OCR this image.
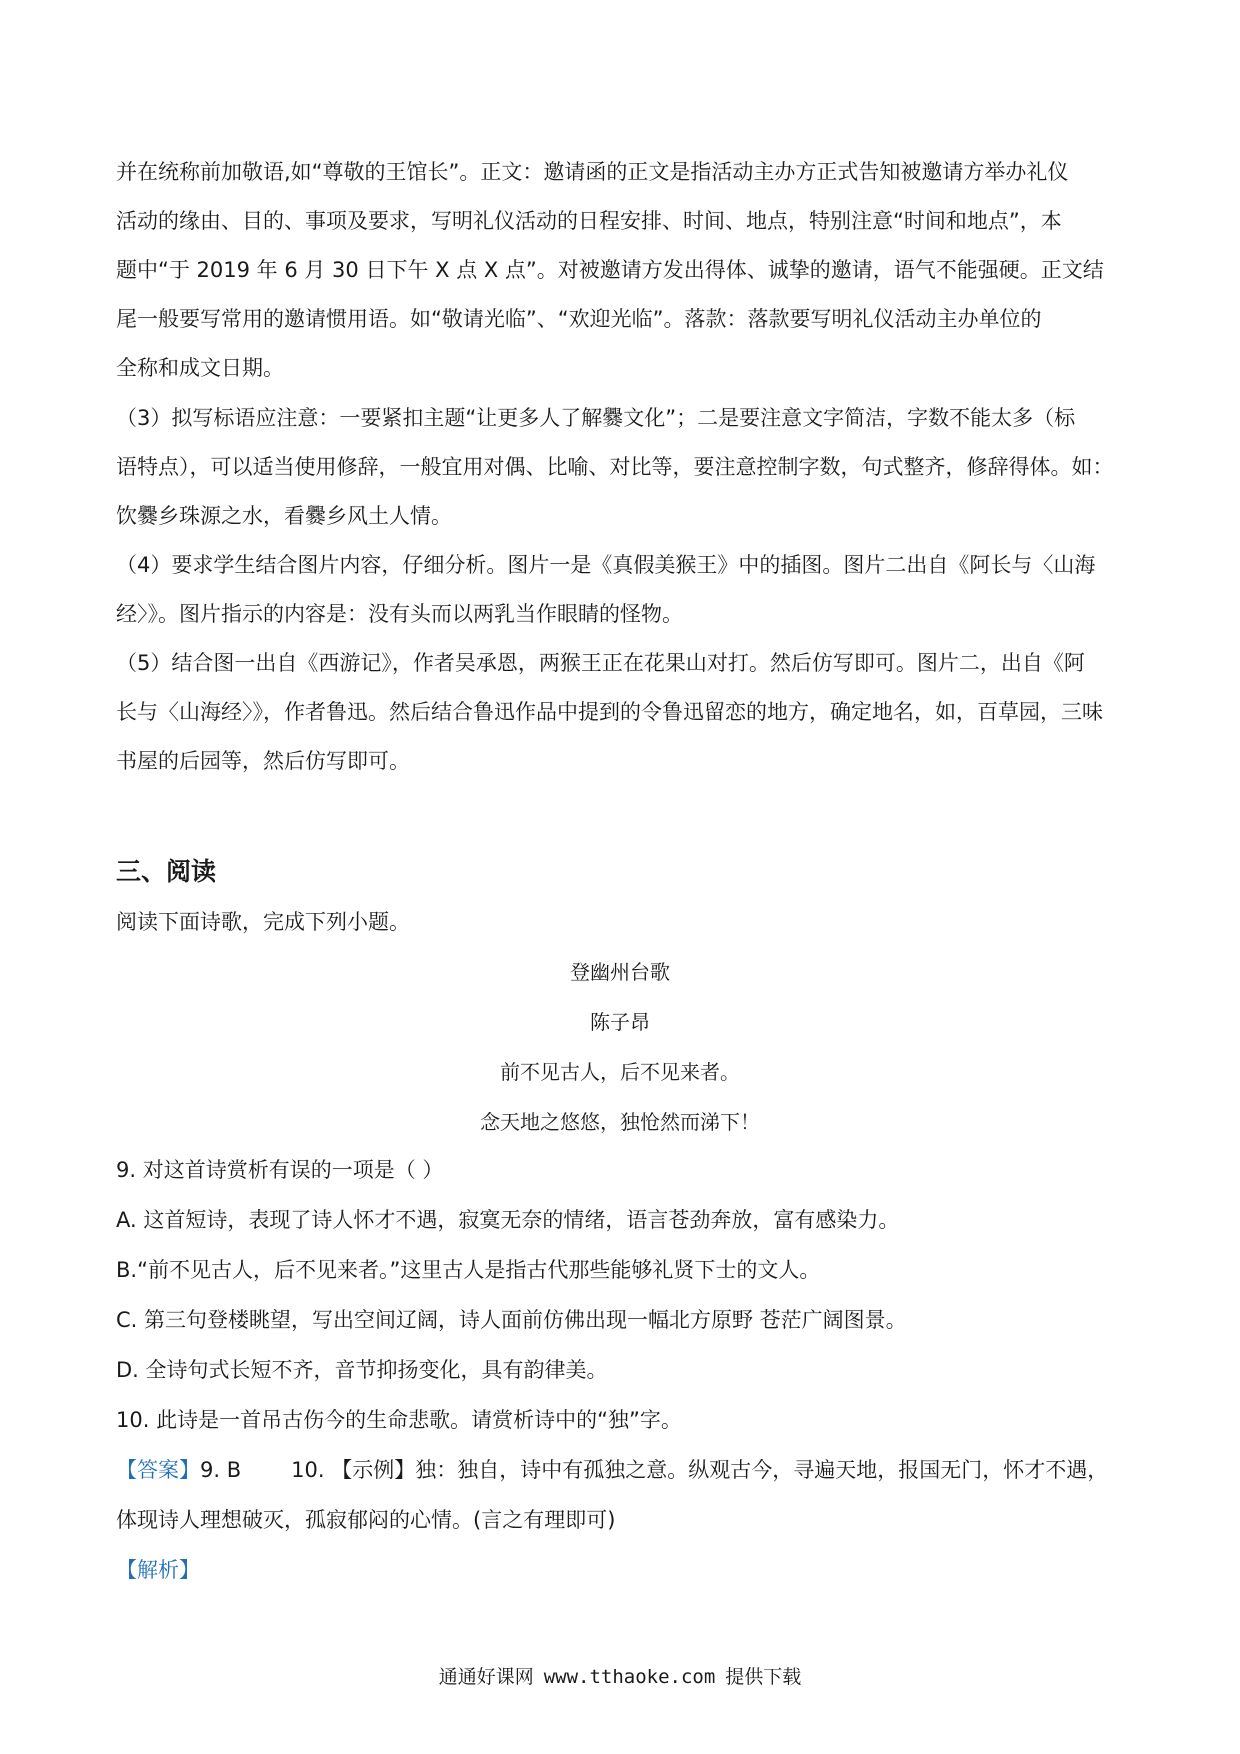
并在统称前加敬语,如“尊敬的王馆长”。正文：邀请函的正文是指活动主办方正式告知被邀请方举办礼仪
活动的缘由、目的、事项及要求，写明礼仪活动的日程安排、时间、地点，特别注意“时间和地点”，本
题中“于 2019 年 6 月 30 日下午 X 点 X 点”。对被邀请方发出得体、诚挚的邀请，语气不能强硬。正文结
尾一般要写常用的邀请惯用语。如“敬请光临”、“欢迎光临”。落款：落款要写明礼仪活动主办单位的
全称和成文日期。
（3）拟写标语应注意：一要紧扣主题“让更多人了解爨文化”；二是要注意文字简洁，字数不能太多（标
语特点），可以适当使用修辞，一般宜用对偶、比喻、对比等，要注意控制字数，句式整齐，修辞得体。如：
饮爨乡珠源之水，看爨乡风土人情。
（4）要求学生结合图片内容，仔细分析。图片一是《真假美猴王》中的插图。图片二出自《阿长与〈山海
经〉》。图片指示的内容是：没有头而以两乳当作眼睛的怪物。
（5）结合图一出自《西游记》，作者吴承恩，两猴王正在花果山对打。然后仿写即可。图片二，出自《阿
长与〈山海经〉》，作者鲁迅。然后结合鲁迅作品中提到的令鲁迅留恋的地方，确定地名，如，百草园，三味
书屋的后园等，然后仿写即可。
三、阅读
阅读下面诗歌，完成下列小题。
登幽州台歌
陈子昂
前不见古人，后不见来者。
念天地之悠悠，独怆然而涕下！
9. 对这首诗赏析有误的一项是（ ）
A. 这首短诗，表现了诗人怀才不遇，寂寞无奈的情绪，语言苍劲奔放，富有感染力。
B.“前不见古人，后不见来者。”这里古人是指古代那些能够礼贤下士的文人。
C. 第三句登楼眺望，写出空间辽阔，诗人面前仿佛出现一幅北方原野 苍茫广阔图景。
D. 全诗句式长短不齐，音节抑扬变化，具有韵律美。
10. 此诗是一首吊古伤今的生命悲歌。请赏析诗中的“独”字。
【答案】9. B 10. 【示例】独：独自，诗中有孤独之意。纵观古今，寻遍天地，报国无门，怀才不遇，
体现诗人理想破灭，孤寂郁闷的心情。(言之有理即可)
【解析】
通通好课网 www.tthaoke.com 提供下载
